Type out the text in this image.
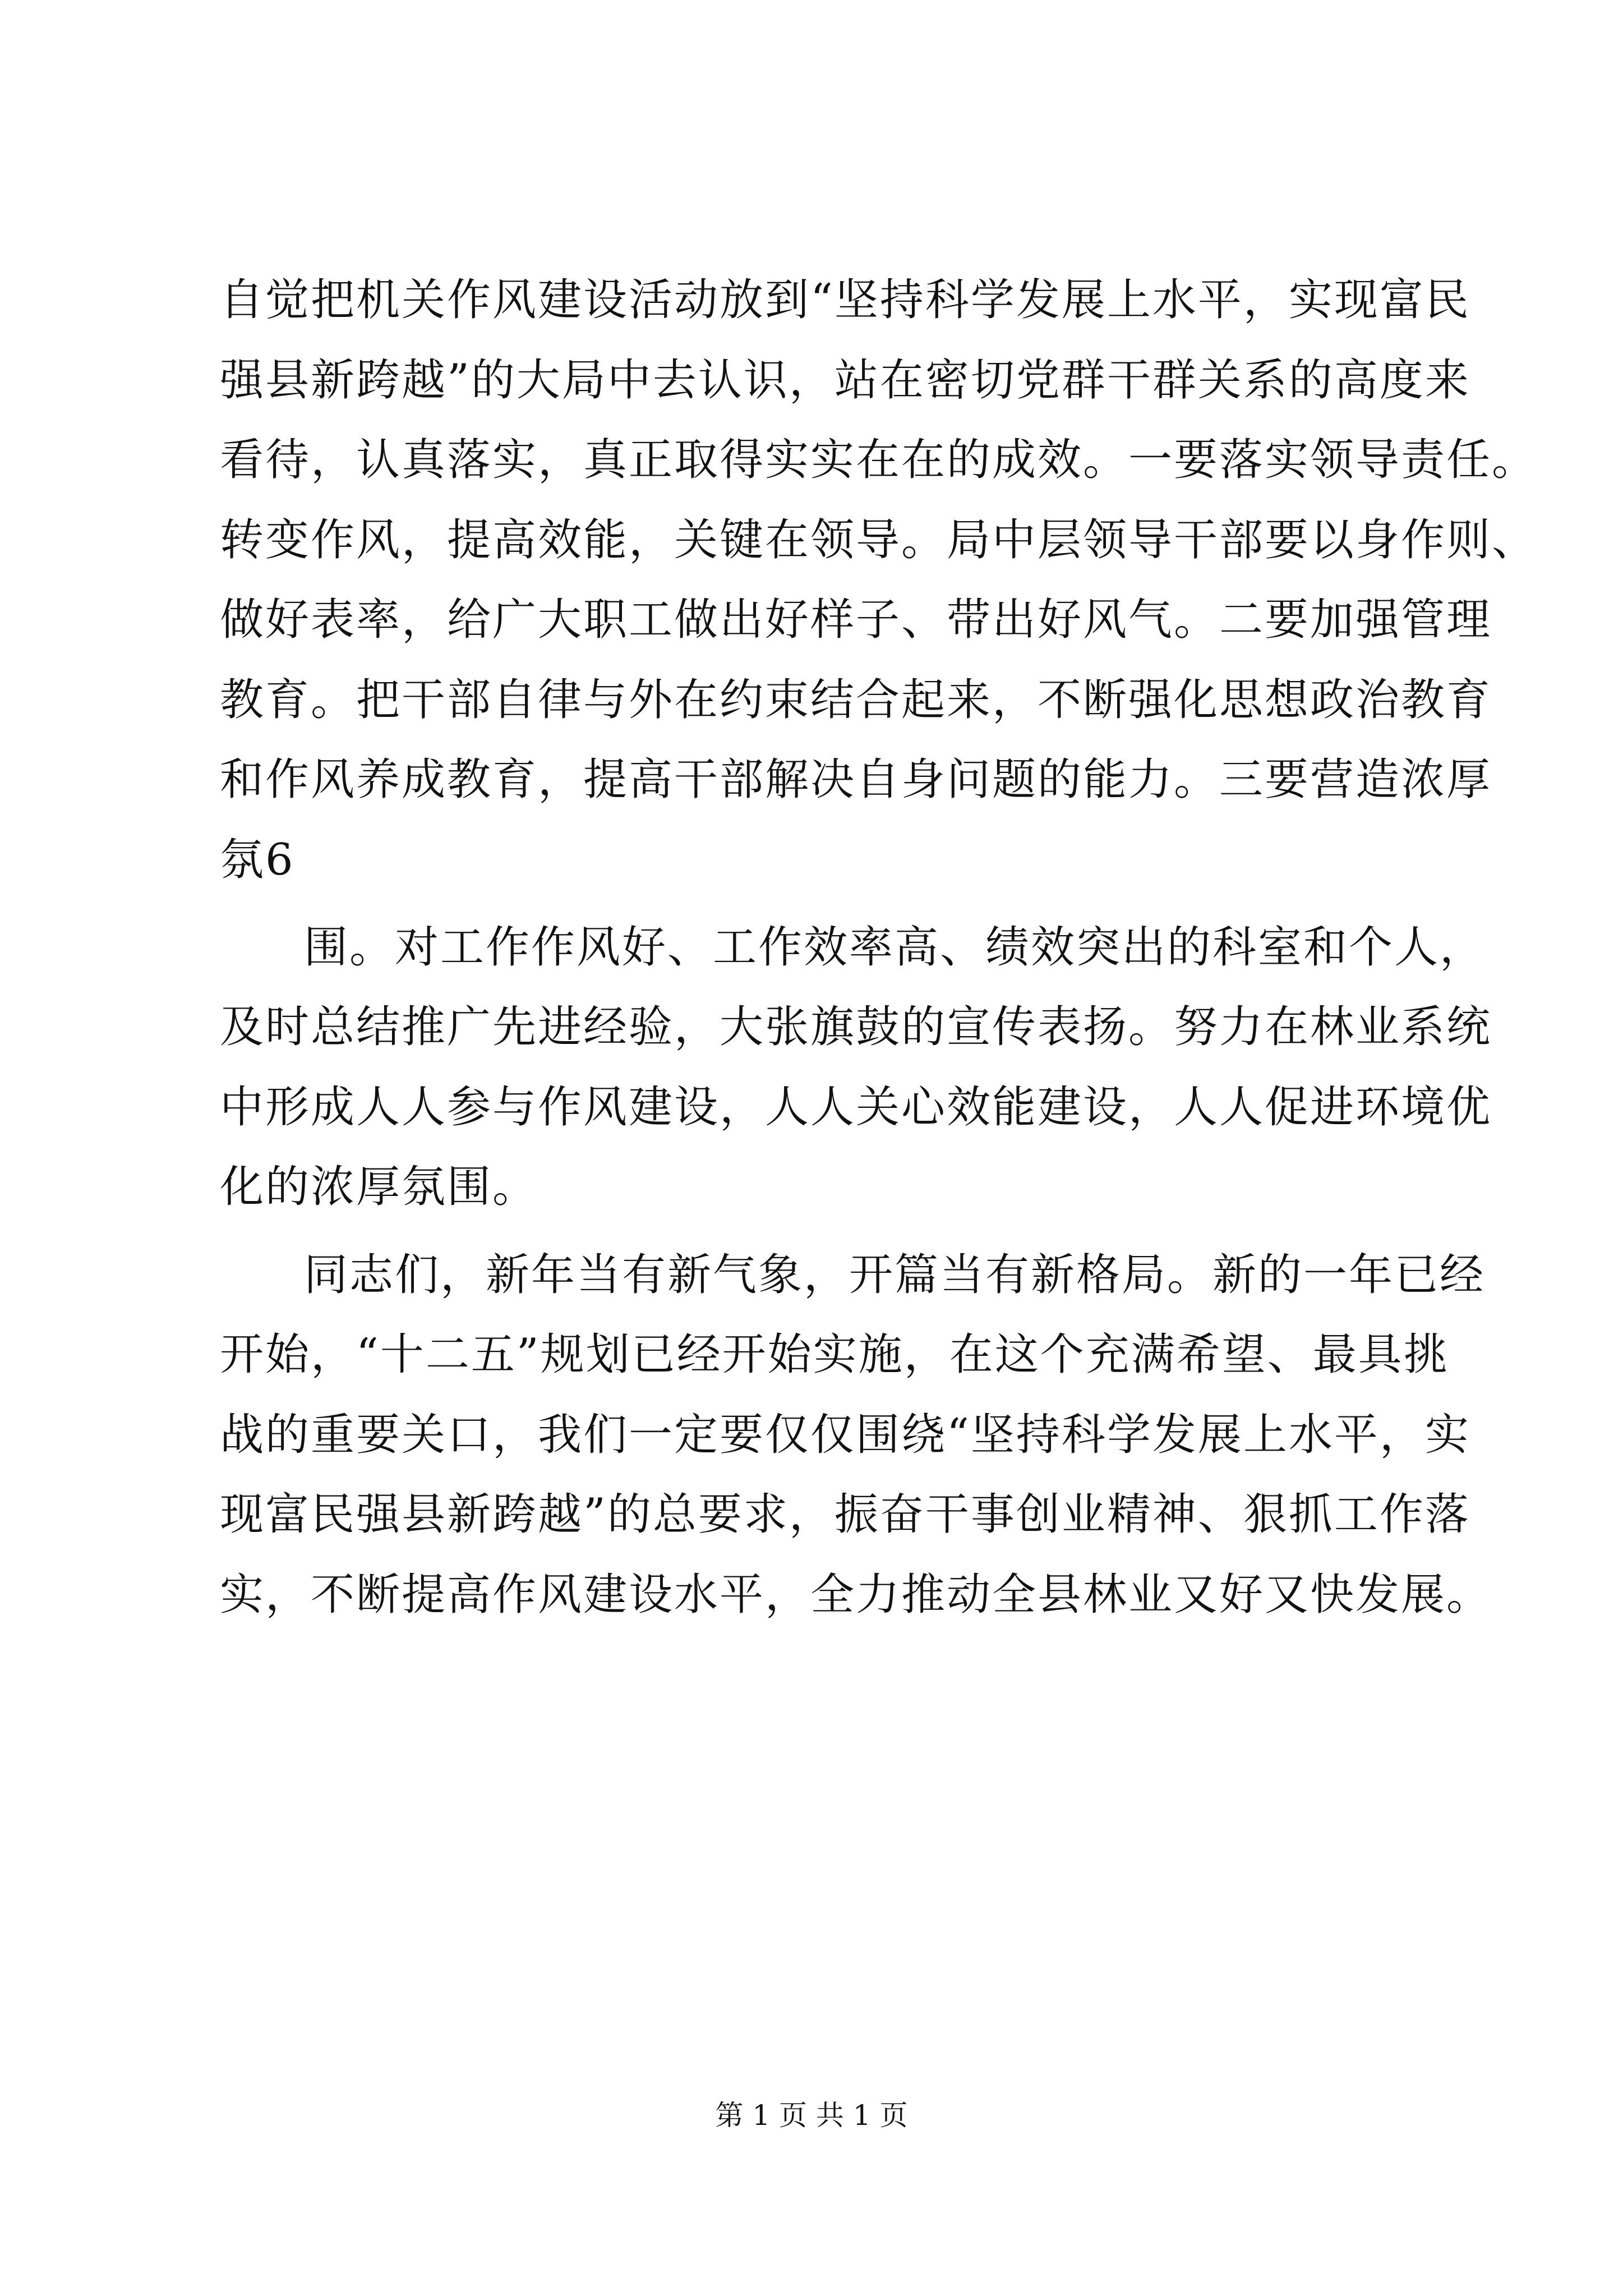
自觉把机关作风建设活动放到“坚持科学发展上水平，实现富民
强县新跨越”的大局中去认识，站在密切党群干群关系的高度来
看待，认真落实，真正取得实实在在的成效。一要落实领导责任。
转变作风，提高效能，关键在领导。局中层领导干部要以身作则、
做好表率，给广大职工做出好样子、带出好风气。二要加强管理
教育。把干部自律与外在约束结合起来，不断强化思想政治教育
和作风养成教育，提高干部解决自身问题的能力。三要营造浓厚
氛6
围。对工作作风好、工作效率高、绩效突出的科室和个人，
及时总结推广先进经验，大张旗鼓的宣传表扬。努力在林业系统
中形成人人参与作风建设，人人关心效能建设，人人促进环境优
化的浓厚氛围。
同志们，新年当有新气象，开篇当有新格局。新的一年已经
开始，“十二五”规划已经开始实施，在这个充满希望、最具挑
战的重要关口，我们一定要仅仅围绕“坚持科学发展上水平，实
现富民强县新跨越”的总要求，振奋干事创业精神、狠抓工作落
实，不断提高作风建设水平，全力推动全县林业又好又快发展。
第 1 页 共 1 页
